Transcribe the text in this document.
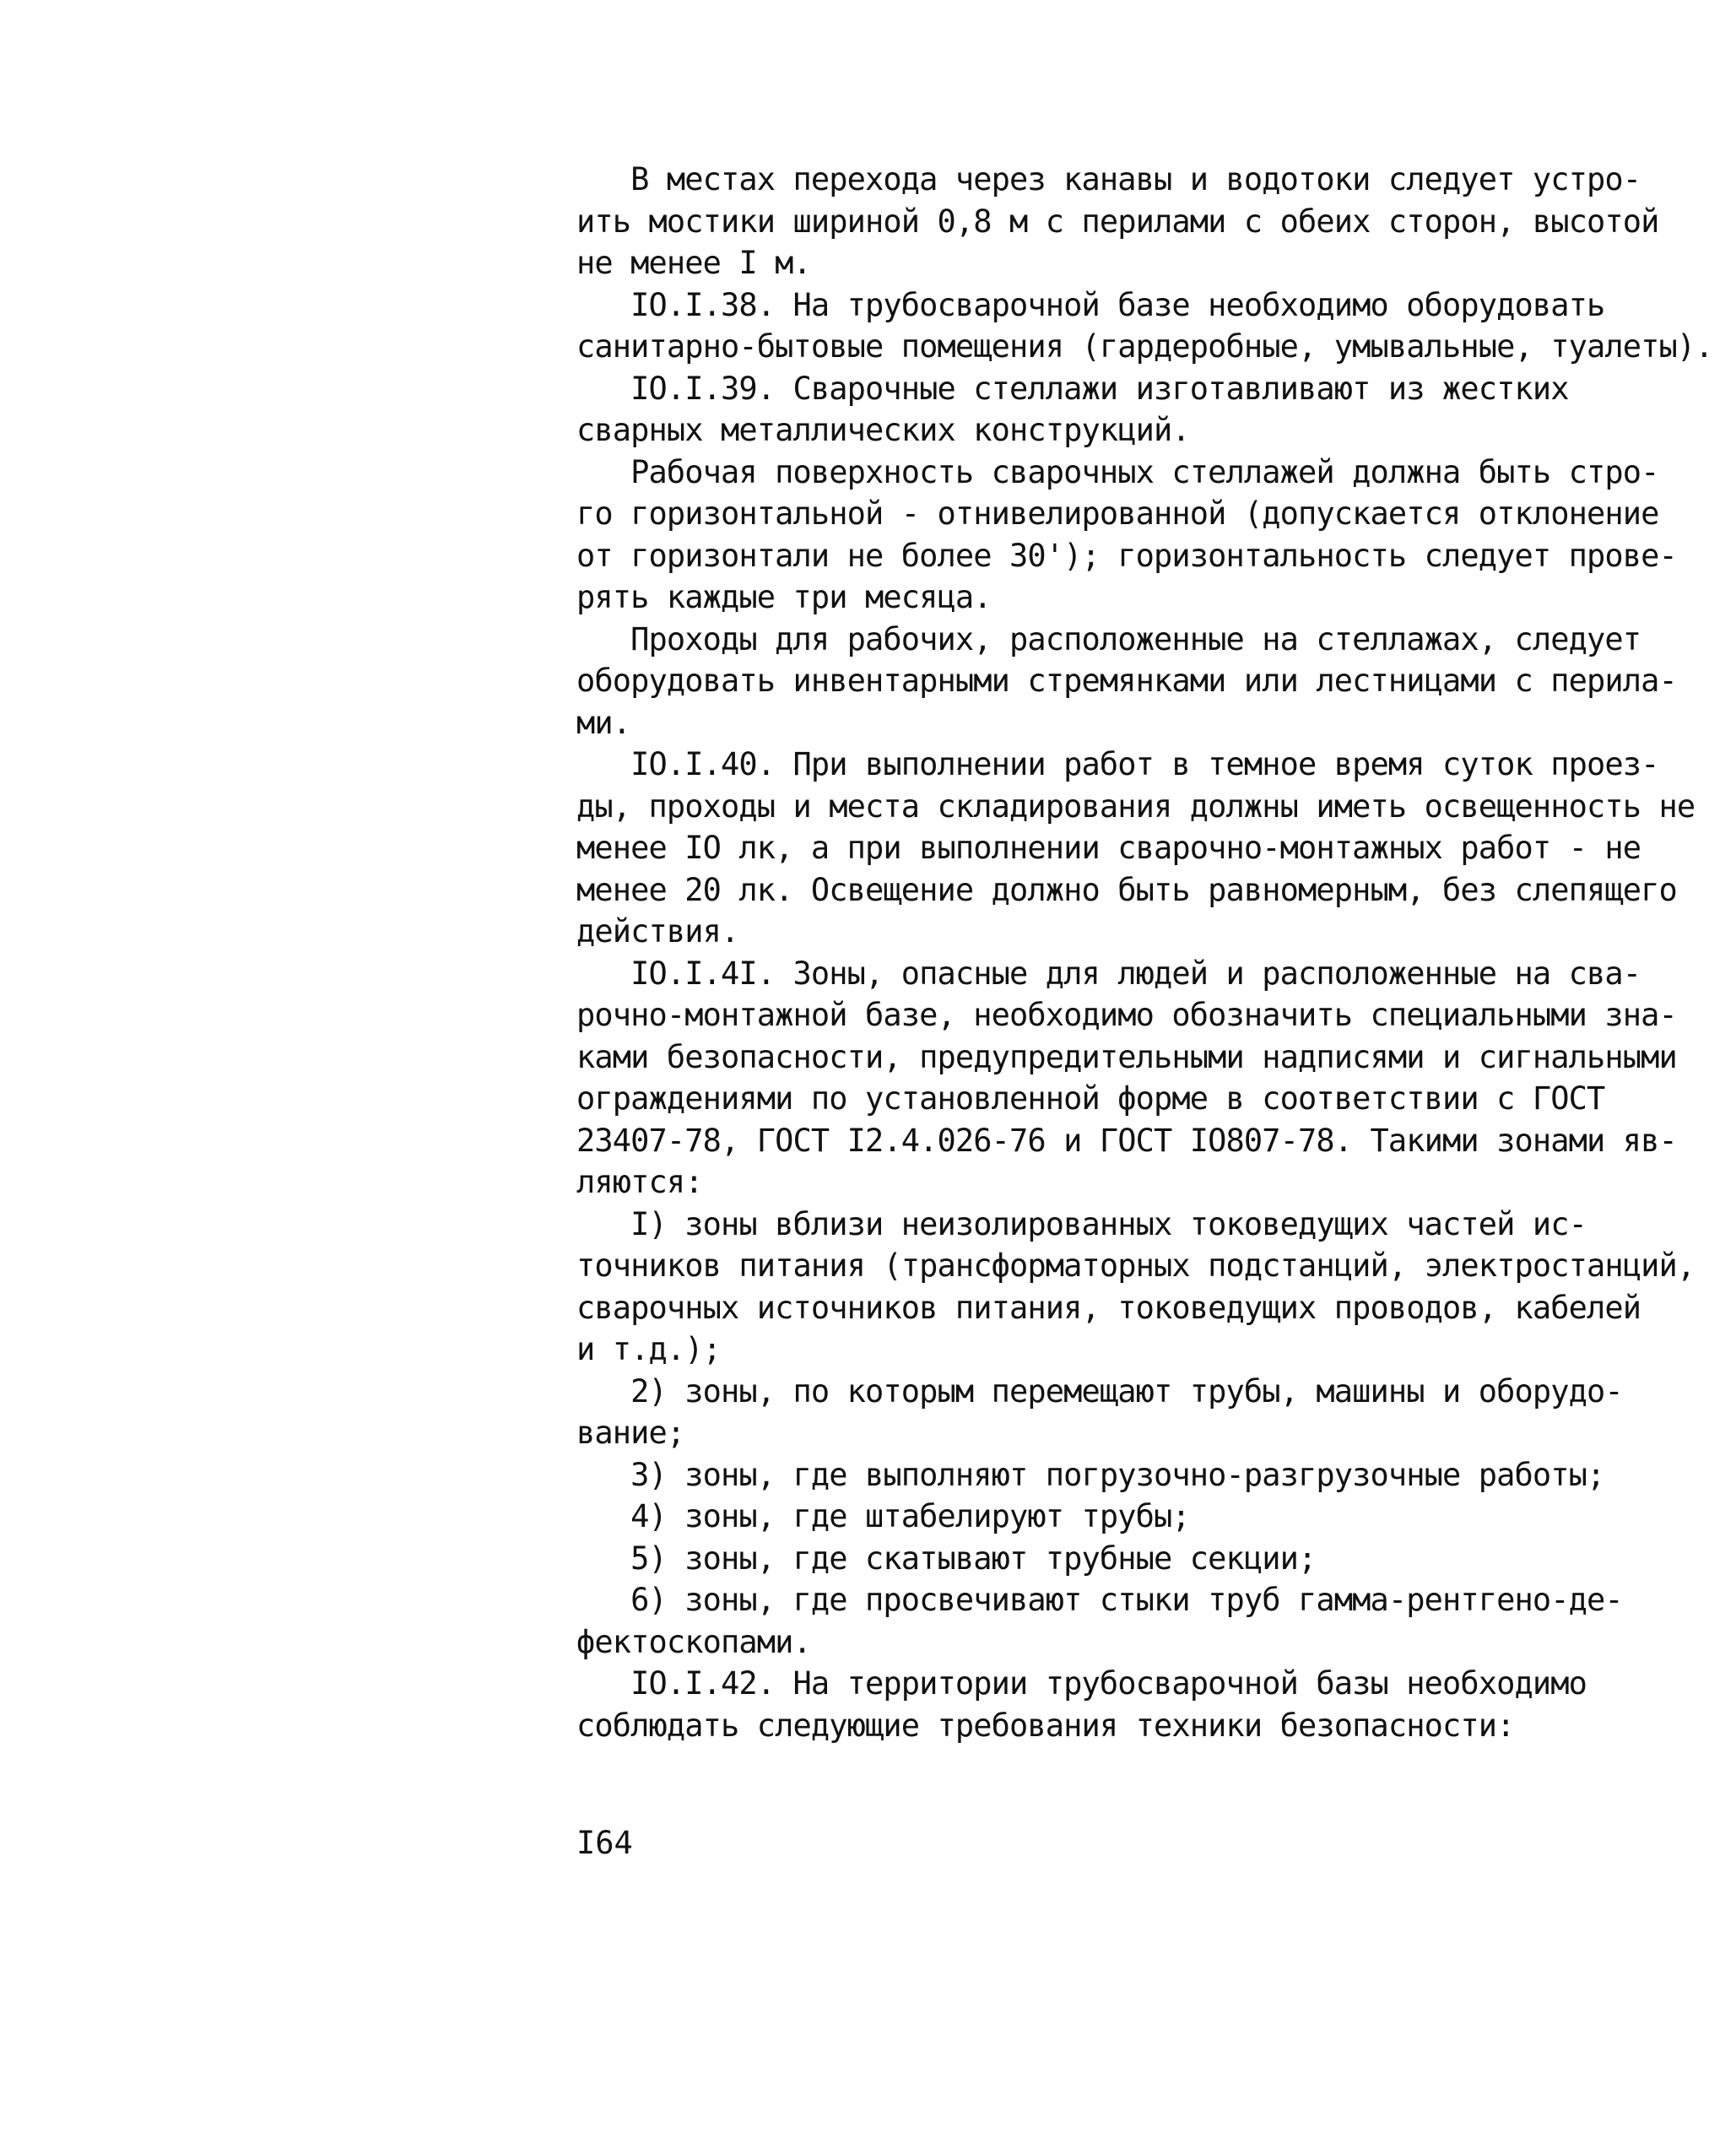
В местах перехода через канавы и водотоки следует устро-
ить мостики шириной 0,8 м с перилами с обеих сторон, высотой
не менее I м.
IO.I.38. На трубосварочной базе необходимо оборудовать
санитарно-бытовые помещения (гардеробные, умывальные, туалеты).
IO.I.39. Сварочные стеллажи изготавливают из жестких
сварных металлических конструкций.
Рабочая поверхность сварочных стеллажей должна быть стро-
го горизонтальной - отнивелированной (допускается отклонение
от горизонтали не более 30'); горизонтальность следует прове-
рять каждые три месяца.
Проходы для рабочих, расположенные на стеллажах, следует
оборудовать инвентарными стремянками или лестницами с перила-
ми.
IO.I.40. При выполнении работ в темное время суток проез-
ды, проходы и места складирования должны иметь освещенность не
менее IO лк, а при выполнении сварочно-монтажных работ - не
менее 20 лк. Освещение должно быть равномерным, без слепящего
действия.
IO.I.4I. Зоны, опасные для людей и расположенные на сва-
рочно-монтажной базе, необходимо обозначить специальными зна-
ками безопасности, предупредительными надписями и сигнальными
ограждениями по установленной форме в соответствии с ГОСТ
23407-78, ГОСТ I2.4.026-76 и ГОСТ IO807-78. Такими зонами яв-
ляются:
I) зоны вблизи неизолированных токоведущих частей ис-
точников питания (трансформаторных подстанций, электростанций,
сварочных источников питания, токоведущих проводов, кабелей
и т.д.);
2) зоны, по которым перемещают трубы, машины и оборудо-
вание;
3) зоны, где выполняют погрузочно-разгрузочные работы;
4) зоны, где штабелируют трубы;
5) зоны, где скатывают трубные секции;
6) зоны, где просвечивают стыки труб гамма-рентгено-де-
фектоскопами.
IO.I.42. На территории трубосварочной базы необходимо
соблюдать следующие требования техники безопасности:
I64
